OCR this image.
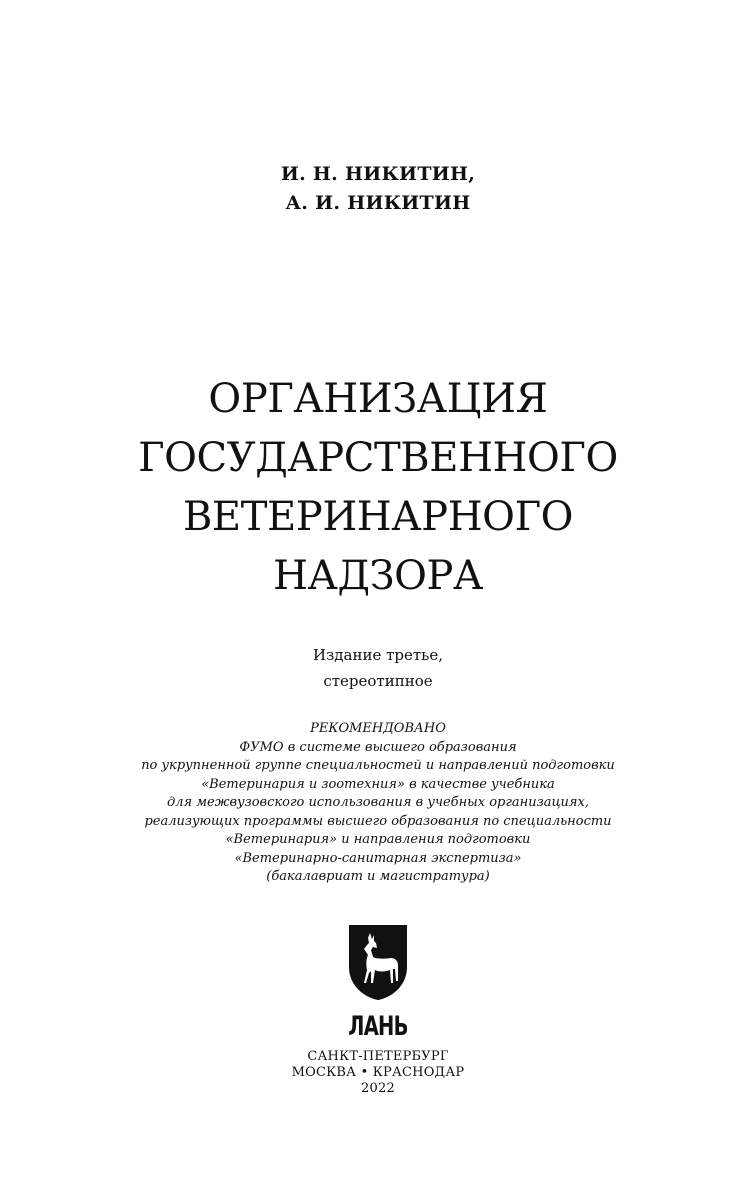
И. Н. НИКИТИН,
А. И. НИКИТИН
ОРГАНИЗАЦИЯ
ГОСУДАРСТВЕННОГО
ВЕТЕРИНАРНОГО
НАДЗОРА
Издание третье,
стереотипное
РЕКОМЕНДОВАНО
ФУМО в системе высшего образования
по укрупненной группе специальностей и направлений подготовки
«Ветеринария и зоотехния» в качестве учебника
для межвузовского использования в учебных организациях,
реализующих программы высшего образования по специальности
«Ветеринария» и направления подготовки
«Ветеринарно-санитарная экспертиза»
(бакалавриат и магистратура)
ЛАНЬ
САНКТ-ПЕТЕРБУРГ
МОСКВА • КРАСНОДАР
2022
